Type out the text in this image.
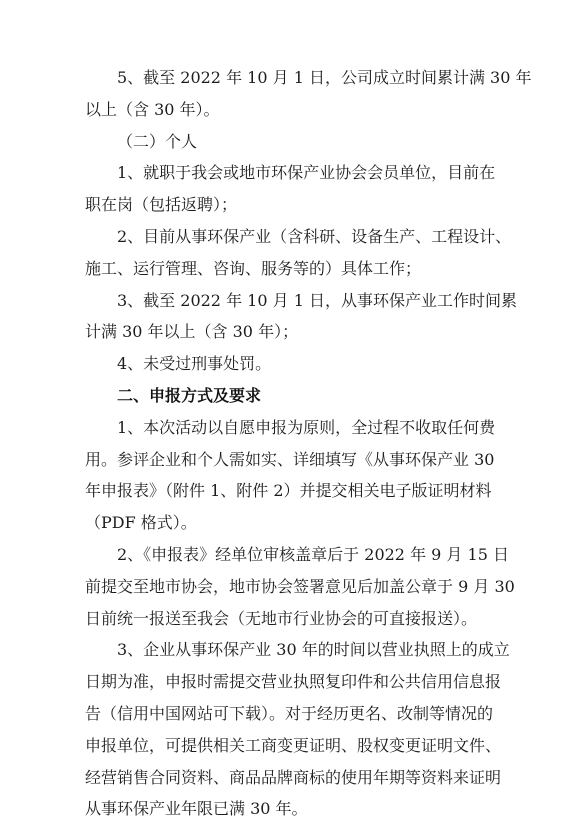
5、截至 2022 年 10 月 1 日，公司成立时间累计满 30 年
以上（含 30 年）。
（二）个人
1、就职于我会或地市环保产业协会会员单位，目前在
职在岗（包括返聘）；
2、目前从事环保产业（含科研、设备生产、工程设计、
施工、运行管理、咨询、服务等的）具体工作；
3、截至 2022 年 10 月 1 日，从事环保产业工作时间累
计满 30 年以上（含 30 年）；
4、未受过刑事处罚。
二、申报方式及要求
1、本次活动以自愿申报为原则，全过程不收取任何费
用。参评企业和个人需如实、详细填写《从事环保产业 30
年申报表》（附件 1、附件 2）并提交相关电子版证明材料
（PDF 格式）。
2、《申报表》经单位审核盖章后于 2022 年 9 月 15 日
前提交至地市协会，地市协会签署意见后加盖公章于 9 月 30
日前统一报送至我会（无地市行业协会的可直接报送）。
3、企业从事环保产业 30 年的时间以营业执照上的成立
日期为准，申报时需提交营业执照复印件和公共信用信息报
告（信用中国网站可下载）。对于经历更名、改制等情况的
申报单位，可提供相关工商变更证明、股权变更证明文件、
经营销售合同资料、商品品牌商标的使用年期等资料来证明
从事环保产业年限已满 30 年。
